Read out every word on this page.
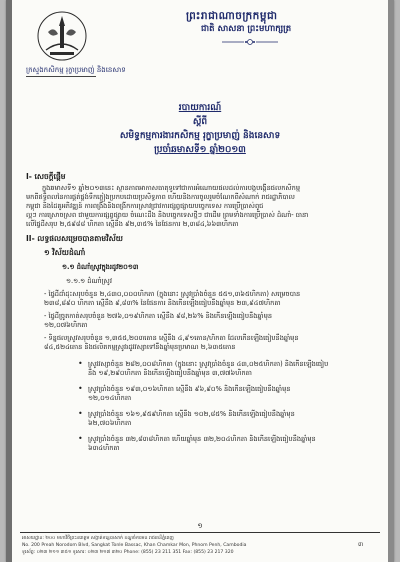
ព្រះរាជាណាចក្រកម្ពុជា
ជាតិ សាសនា ព្រះមហាក្សត្រ
ក្រសួងកសិកម្ម រុក្ខាប្រមាញ់ និងនេសាទ
របាយការណ៍
ស្ដីពី
សមិទ្ធកម្មការងារកសិកម្ម រុក្ខាប្រមាញ់ និងនេសាទ
ប្រចាំឆមាសទី១ ឆ្នាំ២០១៣
I- សេចក្ដីផ្តើម
ក្នុងឆមាសទី១ ឆ្នាំ២០១៣នេះ ស្ថានភាពអាកាសធាតុទូទៅជាការអំណោយផលដល់ការបង្កបង្កើនផលកសិកម្ម
មកពីឥទ្ធិពលនៃការផ្គត់ផ្គង់ទឹកភ្លៀងប្រកបដោយប្រសិទ្ធភាព ហើយនិងការចូលរួមចំណែកពីសំណាក់ រាជរដ្ឋាភិបាល
កម្ពុជា និងដៃគូអភិវឌ្ឍន៍ ការពង្រឹងនិងពង្រីកការស្រាវជ្រាវការផ្សព្វផ្សាយបច្ចេកទេស ការប្រើប្រាស់ពូជ
ល្អៗ ការស្រោចស្រព ជាមួយការផ្សព្វផ្សាយ ចំណេះដឹង និងបច្ចេកទេសថ្មីៗ ជាដើម ព្រមទាំងការប្រើប្រាស់ ដំណាំ- ធានា
លើផ្ទៃដីសរុប ២,៥៩៨៨ ហិកតា ស្មើនឹង ៩២,៣៥% នៃផែនការ ២,៣៨៤,៦៦៣ហិកតា
II- លទ្ធផលសម្រេចបានតាមវិស័យ
១ វិស័យដំណាំ
១.១ ដំណាំស្រូវក្នុងរដូវ២០១៣
១.១.១ ដំណាំស្រូវ
- ផ្ទៃដីដាំដុះសរុបចំនួន ២,៤៣០,០០០ហិកតា (ក្នុងនោះ ស្រូវប្រាំងចំនួន ៥៥១,៣៦៥ហិកតា) សម្រេចបាន
២៣៨,៨៩០ ហិកតា ស្មើនឹង ៩,៨៣% នៃផែនការ និងកើនឡើងធៀបនឹងឆ្នាំមុន ២៣,៩៤៧ហិកតា
- ផ្ទៃដីច្រូតកាត់សរុបចំនួន ២៧៦,០១៩ហិកតា ស្មើនឹង ៩៨,២៦% និងកើនឡើងធៀបនឹងឆ្នាំមុន
១២,០៧៦ហិកតា
- ទិន្នផលស្រូវសរុបចំនួន ១,៣៥៥,២០៣តោន ស្មើនឹង ៤,៩១តោន/ហិកតា ដែលកើនឡើងធៀបនឹងឆ្នាំមុន
៨៤,៥២៤តោន និងផលិតកម្មស្រូវរដូវវស្សាទៅនឹងឆ្នាំមុនប្រមាណ ២,៦៣៥តោន
• ស្រូវវស្សាចំនួន ២៨២,០០៨ហិកតា (ក្នុងនោះ ស្រូវប្រាំងចំនួន ៤៣,០២៥ហិកតា) និងកើនឡើងធៀប
នឹង ១៩,២៩០ហិកតា និងកើនឡើងធៀបនឹងឆ្នាំមុន ៣,៧៧៦ហិកតា
• ស្រូវប្រាំងចំនួន ១៩៣,០១៦ហិកតា ស្មើនឹង ៩៦,៩០% និងកើនឡើងធៀបនឹងឆ្នាំមុន
១២,០១៤ហិកតា
• ស្រូវប្រាំងចំនួន ១៦១,៩៥៩ហិកតា ស្មើនឹង ១០២,៨៥% និងកើនឡើងធៀបនឹងឆ្នាំមុន
៦២,៧០៦ហិកតា
• ស្រូវប្រាំងចំនួន ៣២,៨៣៨ហិកតា ហើយឆ្នាំមុន ៣២,២០៤ហិកតា និងកើនឡើងធៀបនឹងឆ្នាំមុន
៦៣៤ហិកតា
១
អាសយដ្ឋាន: ២០០ មហាវិថីព្រះនរោត្តម សង្កាត់ទន្លេបាសាក់ ខណ្ឌចំការមន រាជធានីភ្នំពេញ
No. 200 Preah Norodom Blvd, Sangkat Tonle Bassac, Khan Chamkar Mon, Phnom Penh, Cambodia
ទូរស័ព្ទ: ០២៣ ២១១ ៣៥១ ទូរសារ: ០២៣ ២១៧ ៣២០ Phone: (855) 23 211 351 Fax: (855) 23 217 320
៣
